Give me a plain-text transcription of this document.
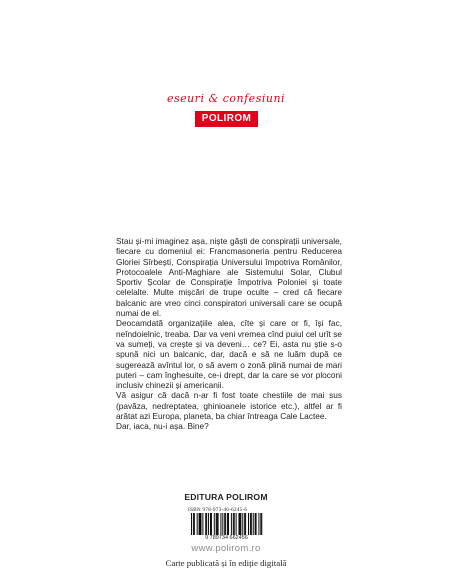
eseuri & confesiuni
POLIROM

Stau și-mi imaginez așa, niște găști de conspirații universale, fiecare cu domeniul ei: Francmasoneria pentru Reducerea Gloriei Sîrbești, Conspirația Universului împotriva Românilor, Protocoalele Anti-Maghiare ale Sistemului Solar, Clubul Sportiv Școlar de Conspirație împotriva Poloniei și toate celelalte. Multe mișcări de trupe oculte – cred că fiecare balcanic are vreo cinci conspiratori universali care se ocupă numai de el.

Deocamdată organizațiile alea, cîte și care or fi, își fac, neîndoielnic, treaba. Dar va veni vremea cînd puiul cel urît se va sumeți, va crește și va deveni… ce? Ei, asta nu știe s-o spună nici un balcanic, dar, dacă e să ne luăm după ce sugerează avîntul lor, o să avem o zonă plină numai de mari puteri – cam înghesuite, ce-i drept, dar la care se vor ploconi inclusiv chinezii și americanii.

Vă asigur că dacă n-ar fi fost toate chestiile de mai sus (pavăza, nedreptatea, ghinioanele istorice etc.), altfel ar fi arătat azi Europa, planeta, ba chiar întreaga Cale Lactee.

Dar, iaca, nu-i așa. Bine?

EDITURA POLIROM
ISBN 978-973-46-6245-6
9 789734 662456
www.polirom.ro
Carte publicată și în ediție digitală
